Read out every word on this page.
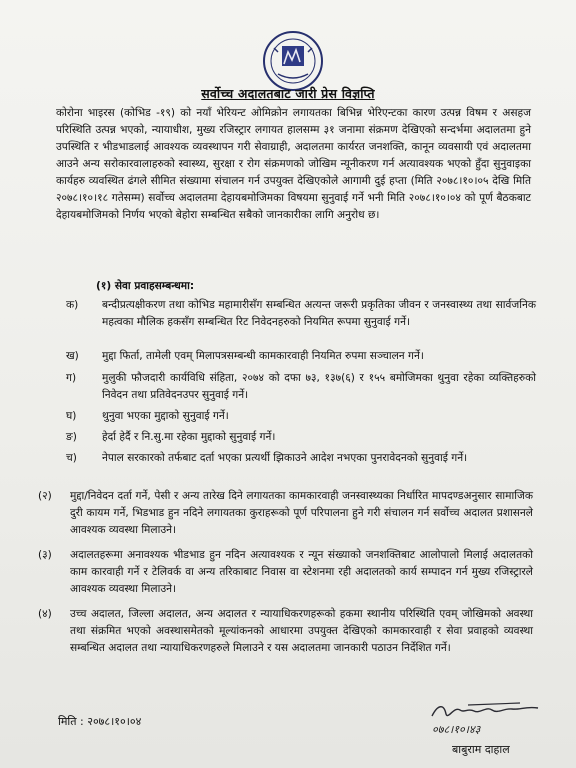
सर्वोच्च अदालतबाट जारी प्रेस विज्ञप्ति

कोरोना भाइरस (कोभिड -१९) को नयाँ भेरियन्ट ओमिक्रोन लगायतका बिभिन्न भेरिएन्टका कारण उत्पन्न विषम र असहज परिस्थिति उत्पन्न भएको, न्यायाधीश, मुख्य रजिस्ट्रार लगायत हालसम्म ३१ जनामा संक्रमण देखिएको सन्दर्भमा अदालतमा हुने उपस्थिति र भीडभाडलाई आवश्यक व्यवस्थापन गरी सेवाग्राही, अदालतमा कार्यरत जनशक्ति, कानून व्यवसायी एवं अदालतमा आउने अन्य सरोकारवालाहरुको स्वास्थ्य, सुरक्षा र रोग संक्रमणको जोखिम न्यूनीकरण गर्न अत्यावश्यक भएको हुँदा सुनुवाइका कार्यहरु व्यवस्थित ढंगले सीमित संख्यामा संचालन गर्न उपयुक्त देखिएकोले आगामी दुई हप्ता (मिति २०७८।१०।०५ देखि मिति २०७८।१०।१८ गतेसम्म) सर्वोच्च अदालतमा देहायबमोजिमका विषयमा सुनुवाई गर्ने भनी मिति २०७८।१०।०४ को पूर्ण बैठकबाट देहायबमोजिमको निर्णय भएको बेहोरा सम्बन्धित सबैको जानकारीका लागि अनुरोध छ।

(१) सेवा प्रवाहसम्बन्धमा:
क)	बन्दीप्रत्यक्षीकरण तथा कोभिड महामारीसँग सम्बन्धित अत्यन्त जरूरी प्रकृतिका जीवन र जनस्वास्थ्य तथा सार्वजनिक महत्वका मौलिक हकसँग सम्बन्धित रिट निवेदनहरुको नियमित रूपमा सुनुवाई गर्ने।
ख)	मुद्दा फिर्ता, तामेली एवम् मिलापत्रसम्बन्धी कामकारवाही नियमित रुपमा सञ्चालन गर्ने।
ग)	मुलुकी फौजदारी कार्यविधि संहिता, २०७४ को दफा ७३, १३७(६) र १५५ बमोजिमका थुनुवा रहेका व्यक्तिहरुको निवेदन तथा प्रतिवेदनउपर सुनुवाई गर्ने।
घ)	थुनुवा भएका मुद्दाको सुनुवाई गर्ने।
ङ)	हेर्दा हेर्दै र नि.सु.मा रहेका मुद्दाको सुनुवाई गर्ने।
च)	नेपाल सरकारको तर्फबाट दर्ता भएका प्रत्यर्थी झिकाउने आदेश नभएका पुनरावेदनको सुनुवाई गर्ने।
(२)	मुद्दा/निवेदन दर्ता गर्ने, पेसी र अन्य तारेख दिने लगायतका कामकारवाही जनस्वास्थ्यका निर्धारित मापदण्डअनुसार सामाजिक दुरी कायम गर्ने, भिडभाड हुन नदिने लगायतका कुराहरूको पूर्ण परिपालना हुने गरी संचालन गर्न सर्वोच्च अदालत प्रशासनले आवश्यक व्यवस्था मिलाउने।
(३)	अदालतहरूमा अनावश्यक भीडभाड हुन नदिन अत्यावश्यक र न्यून संख्याको जनशक्तिबाट आलोपालो मिलाई अदालतको काम कारवाही गर्ने र टेलिवर्क वा अन्य तरिकाबाट निवास वा स्टेशनमा रही अदालतको कार्य सम्पादन गर्न मुख्य रजिस्ट्रारले आवश्यक व्यवस्था मिलाउने।
(४)	उच्च अदालत, जिल्ला अदालत, अन्य अदालत र न्यायाधिकरणहरूको हकमा स्थानीय परिस्थिति एवम् जोखिमको अवस्था तथा संक्रमित भएको अवस्थासमेतको मूल्यांकनको आधारमा उपयुक्त देखिएको कामकारवाही र सेवा प्रवाहको व्यवस्था सम्बन्धित अदालत तथा न्यायाधिकरणहरुले मिलाउने र यस अदालतमा जानकारी पठाउन निर्देशित गर्ने।
मिति : २०७८।१०।०४
०७८।१०।४३
बाबुराम दाहाल
